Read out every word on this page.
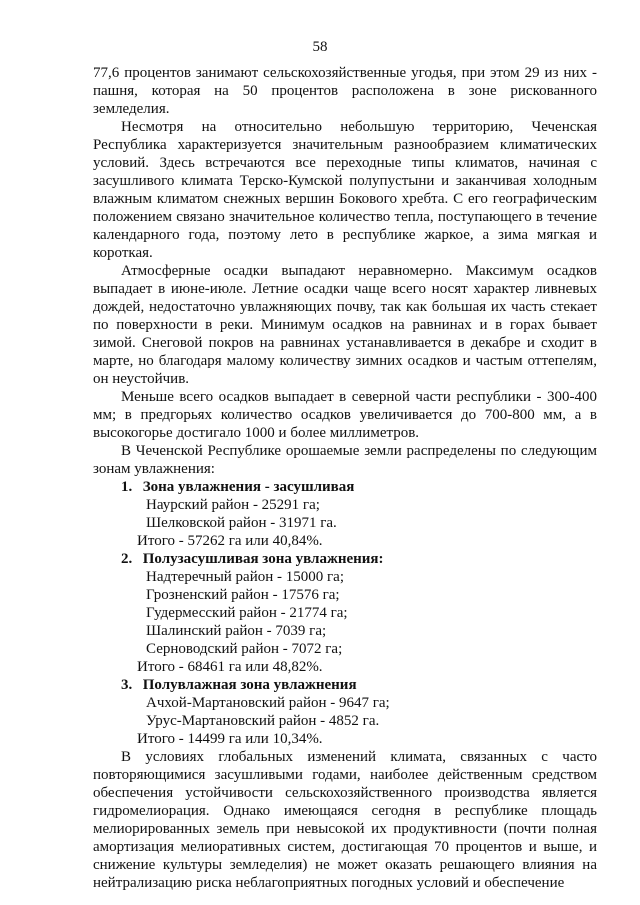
58

77,6 процентов занимают сельскохозяйственные угодья, при этом 29 из них - пашня, которая на 50 процентов расположена в зоне рискованного земледелия.

Несмотря на относительно небольшую территорию, Чеченская Республика характеризуется значительным разнообразием климатических условий. Здесь встречаются все переходные типы климатов, начиная с засушливого климата Терско-Кумской полупустыни и заканчивая холодным влажным климатом снежных вершин Бокового хребта. С его географическим положением связано значительное количество тепла, поступающего в течение календарного года, поэтому лето в республике жаркое, а зима мягкая и короткая.

Атмосферные осадки выпадают неравномерно. Максимум осадков выпадает в июне-июле. Летние осадки чаще всего носят характер ливневых дождей, недостаточно увлажняющих почву, так как большая их часть стекает по поверхности в реки. Минимум осадков на равнинах и в горах бывает зимой. Снеговой покров на равнинах устанавливается в декабре и сходит в марте, но благодаря малому количеству зимних осадков и частым оттепелям, он неустойчив.

Меньше всего осадков выпадает в северной части республики - 300-400 мм; в предгорьях количество осадков увеличивается до 700-800 мм, а в высокогорье достигало 1000 и более миллиметров.

В Чеченской Республике орошаемые земли распределены по следующим зонам увлажнения:

1. Зона увлажнения - засушливая
Наурский район - 25291 га;
Шелковской район - 31971 га.
Итого - 57262 га или 40,84%.
2. Полузасушливая зона увлажнения:
Надтеречный район - 15000 га;
Грозненский район - 17576 га;
Гудермесский район - 21774 га;
Шалинский район - 7039 га;
Серноводский район - 7072 га;
Итого - 68461 га или 48,82%.
3. Полувлажная зона увлажнения
Ачхой-Мартановский район - 9647 га;
Урус-Мартановский район - 4852 га.
Итого - 14499 га или 10,34%.

В условиях глобальных изменений климата, связанных с часто повторяющимися засушливыми годами, наиболее действенным средством обеспечения устойчивости сельскохозяйственного производства является гидромелиорация. Однако имеющаяся сегодня в республике площадь мелиорированных земель при невысокой их продуктивности (почти полная амортизация мелиоративных систем, достигающая 70 процентов и выше, и снижение культуры земледелия) не может оказать решающего влияния на нейтрализацию риска неблагоприятных погодных условий и обеспечение
